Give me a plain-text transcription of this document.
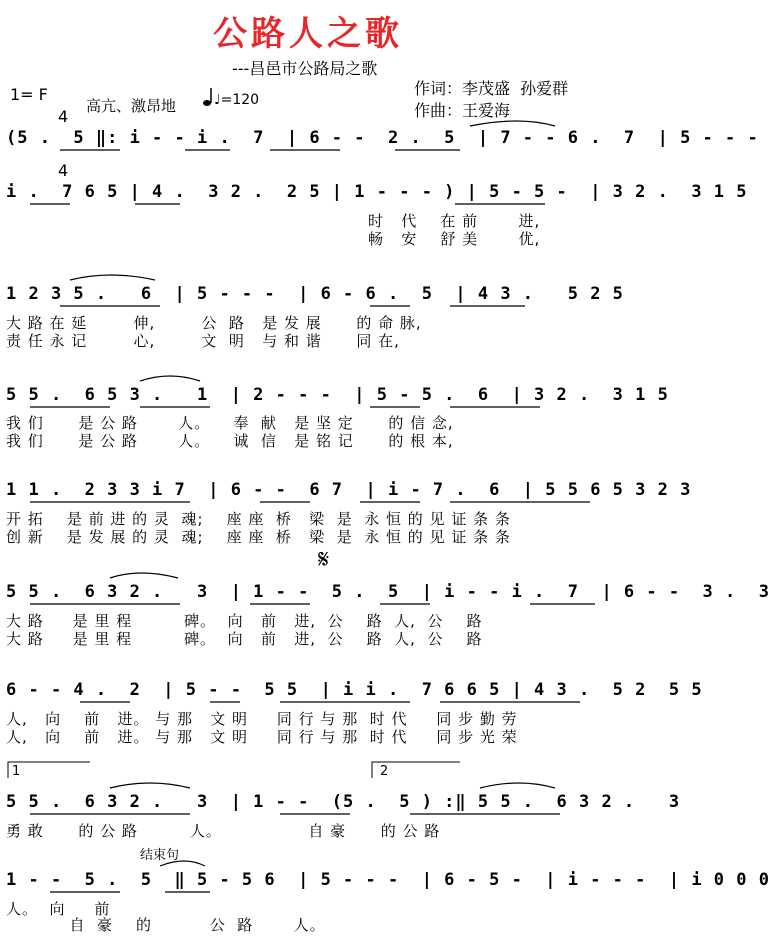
公路人之歌
---昌邑市公路局之歌
1= F

4

4

高亢、激昂地	♩=120
作词：李茂盛  孙爱群
作曲：王爱海
(5 .  5 ‖: i - - i .  7  | 6 - -  2 .  5  | 7 - - 6 .  7  | 5 - - -
i .  7 6 5 | 4 .  3 2 .  2 5 | 1 - - - ) | 5 - 5 -  | 3 2 .  3 1 5
时   代    在 前       进,
畅   安    舒 美       优,
1 2 3 5 .   6  | 5 - - -  | 6 - 6 .  5  | 4 3 .   5 2 5
大 路 在 延        伸,        公  路   是 发 展      的 命 脉,
责 任 永 记        心,        文  明   与 和 谐      同 在,
5 5 .  6 5 3 .   1  | 2 - - -  | 5 - 5 .  6  | 3 2 .  3 1 5
我 们      是 公 路       人。    奉  献   是 坚 定      的 信 念,
我 们      是 公 路       人。    诚  信   是 铭 记      的 根 本,
1 1 .  2 3 3 i 7  | 6 - -  6 7  | i - 7 .  6  | 5 5 6 5 3 2 3
开 拓    是 前 进 的 灵  魂;    座 座  桥   梁  是  永 恒 的 见 证 条 条
创 新    是 发 展 的 灵  魂;    座 座  桥   梁  是  永 恒 的 见 证 条 条
𝄋
5 5 .  6 3 2 .   3  | 1 - -  5 .  5  | i - - i .  7  | 6 - -  3 .  3
大 路     是 里 程         碑。  向   前   进,  公    路  人,  公    路
大 路     是 里 程         碑。  向   前   进,  公    路  人,  公    路
6 - - 4 .  2  | 5 - -  5 5  | i i .  7 6 6 5 | 4 3 .  5 2  5 5
人,   向    前   进。 与 那   文 明     同 行 与 那  时 代     同 步 勤 劳
人,   向    前   进。 与 那   文 明     同 行 与 那  时 代     同 步 光 荣
1	2
5 5 .  6 3 2 .   3  | 1 - -  (5 .  5 ) :‖ 5 5 .  6 3 2 .   3
勇 敢      的 公 路         人。               自 豪      的 公 路
结束句
1 - -  5 .  5  ‖ 5 - 5 6  | 5 - - -  | 6 - 5 -  | i - - -  | i 0 0 0
人。  向     前
自  豪    的          公  路       人。
